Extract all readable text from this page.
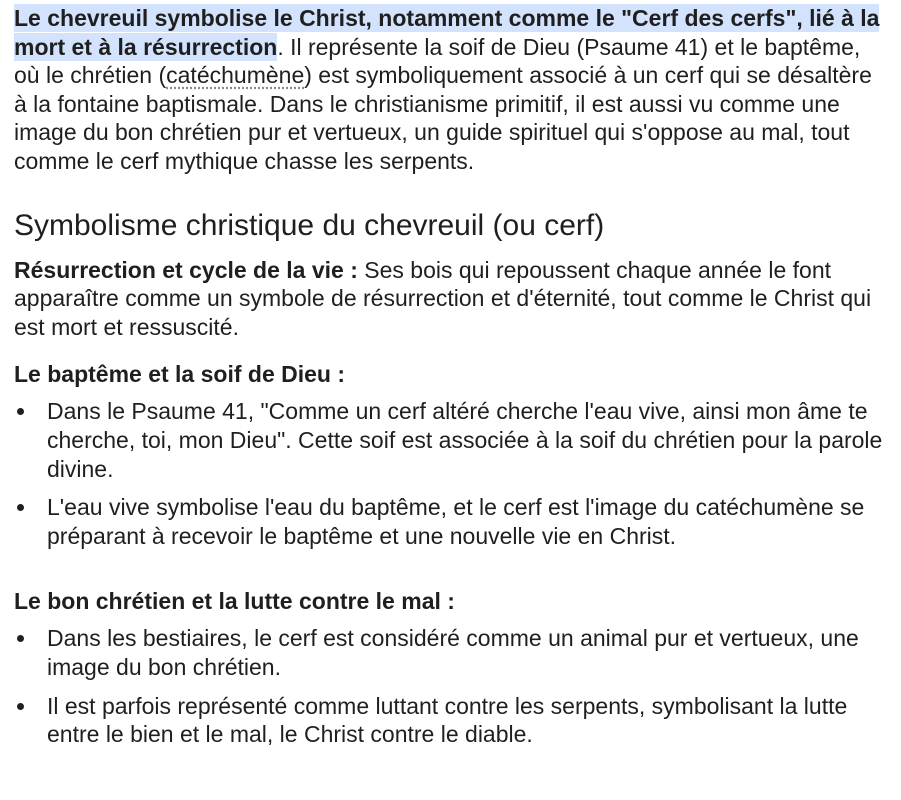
Le chevreuil symbolise le Christ, notamment comme le "Cerf des cerfs", lié à la mort et à la résurrection. Il représente la soif de Dieu (Psaume 41) et le baptême, où le chrétien (catéchumène) est symboliquement associé à un cerf qui se désaltère à la fontaine baptismale. Dans le christianisme primitif, il est aussi vu comme une image du bon chrétien pur et vertueux, un guide spirituel qui s'oppose au mal, tout comme le cerf mythique chasse les serpents.

Symbolisme christique du chevreuil (ou cerf)

Résurrection et cycle de la vie : Ses bois qui repoussent chaque année le font apparaître comme un symbole de résurrection et d'éternité, tout comme le Christ qui est mort et ressuscité.

Le baptême et la soif de Dieu :
Dans le Psaume 41, "Comme un cerf altéré cherche l'eau vive, ainsi mon âme te cherche, toi, mon Dieu". Cette soif est associée à la soif du chrétien pour la parole divine.
L'eau vive symbolise l'eau du baptême, et le cerf est l'image du catéchumène se préparant à recevoir le baptême et une nouvelle vie en Christ.
Le bon chrétien et la lutte contre le mal :
Dans les bestiaires, le cerf est considéré comme un animal pur et vertueux, une image du bon chrétien.
Il est parfois représenté comme luttant contre les serpents, symbolisant la lutte entre le bien et le mal, le Christ contre le diable.
